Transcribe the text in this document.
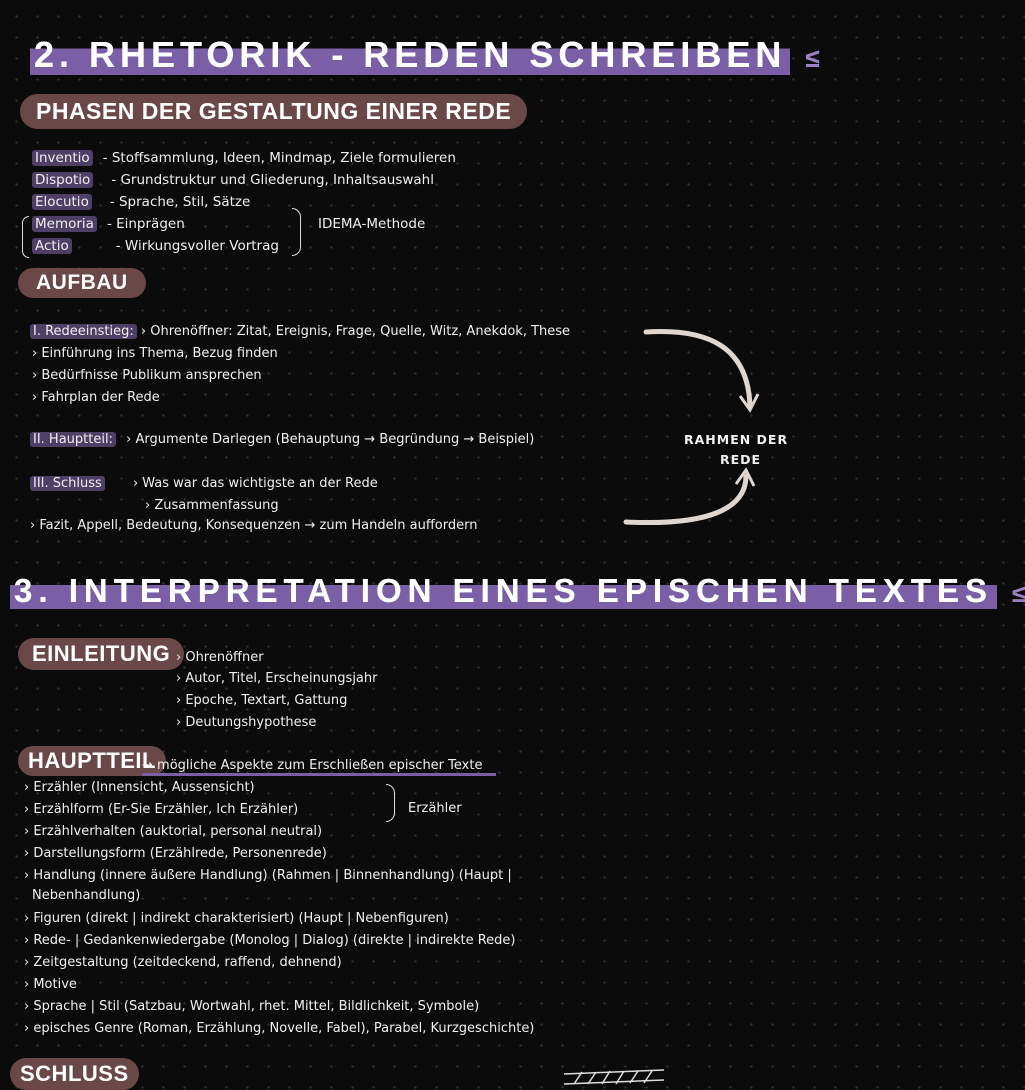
2. RHETORIK - REDEN SCHREIBEN ≤
PHASEN DER GESTALTUNG EINER REDE
Inventio - Stoffsammlung, Ideen, Mindmap, Ziele formulieren
Dispotio - Grundstruktur und Gliederung, Inhaltsauswahl
Elocutio - Sprache, Stil, Sätze
Memoria - Einprägen
Actio	- Wirkungsvoller Vortrag
IDEMA-Methode
AUFBAU
I. Redeeinstieg: › Ohrenöffner: Zitat, Ereignis, Frage, Quelle, Witz, Anekdok, These
› Einführung ins Thema, Bezug finden
› Bedürfnisse Publikum ansprechen
› Fahrplan der Rede
II. Hauptteil: › Argumente Darlegen (Behauptung → Begründung → Beispiel)	RAHMEN DER
REDE
III. Schluss › Was war das wichtigste an der Rede
› Zusammenfassung
› Fazit, Appell, Bedeutung, Konsequenzen → zum Handeln auffordern
3. INTERPRETATION EINES EPISCHEN TEXTES ≤
EINLEITUNG › Ohrenöffner
› Autor, Titel, Erscheinungsjahr
› Epoche, Textart, Gattung
› Deutungshypothese
HAUPTTEIL
→ mögliche Aspekte zum Erschließen epischer Texte
› Erzähler (Innensicht, Aussensicht)
› Erzählform (Er-Sie Erzähler, Ich Erzähler)
› Erzählverhalten (auktorial, personal neutral)
Erzähler
› Darstellungsform (Erzählrede, Personenrede)
› Handlung (innere äußere Handlung) (Rahmen | Binnenhandlung) (Haupt |
Nebenhandlung)
› Figuren (direkt | indirekt charakterisiert) (Haupt | Nebenfiguren)
› Rede- | Gedankenwiedergabe (Monolog | Dialog) (direkte | indirekte Rede)
› Zeitgestaltung (zeitdeckend, raffend, dehnend)
› Motive
› Sprache | Stil (Satzbau, Wortwahl, rhet. Mittel, Bildlichkeit, Symbole)
› episches Genre (Roman, Erzählung, Novelle, Fabel), Parabel, Kurzgeschichte)
SCHLUSS
